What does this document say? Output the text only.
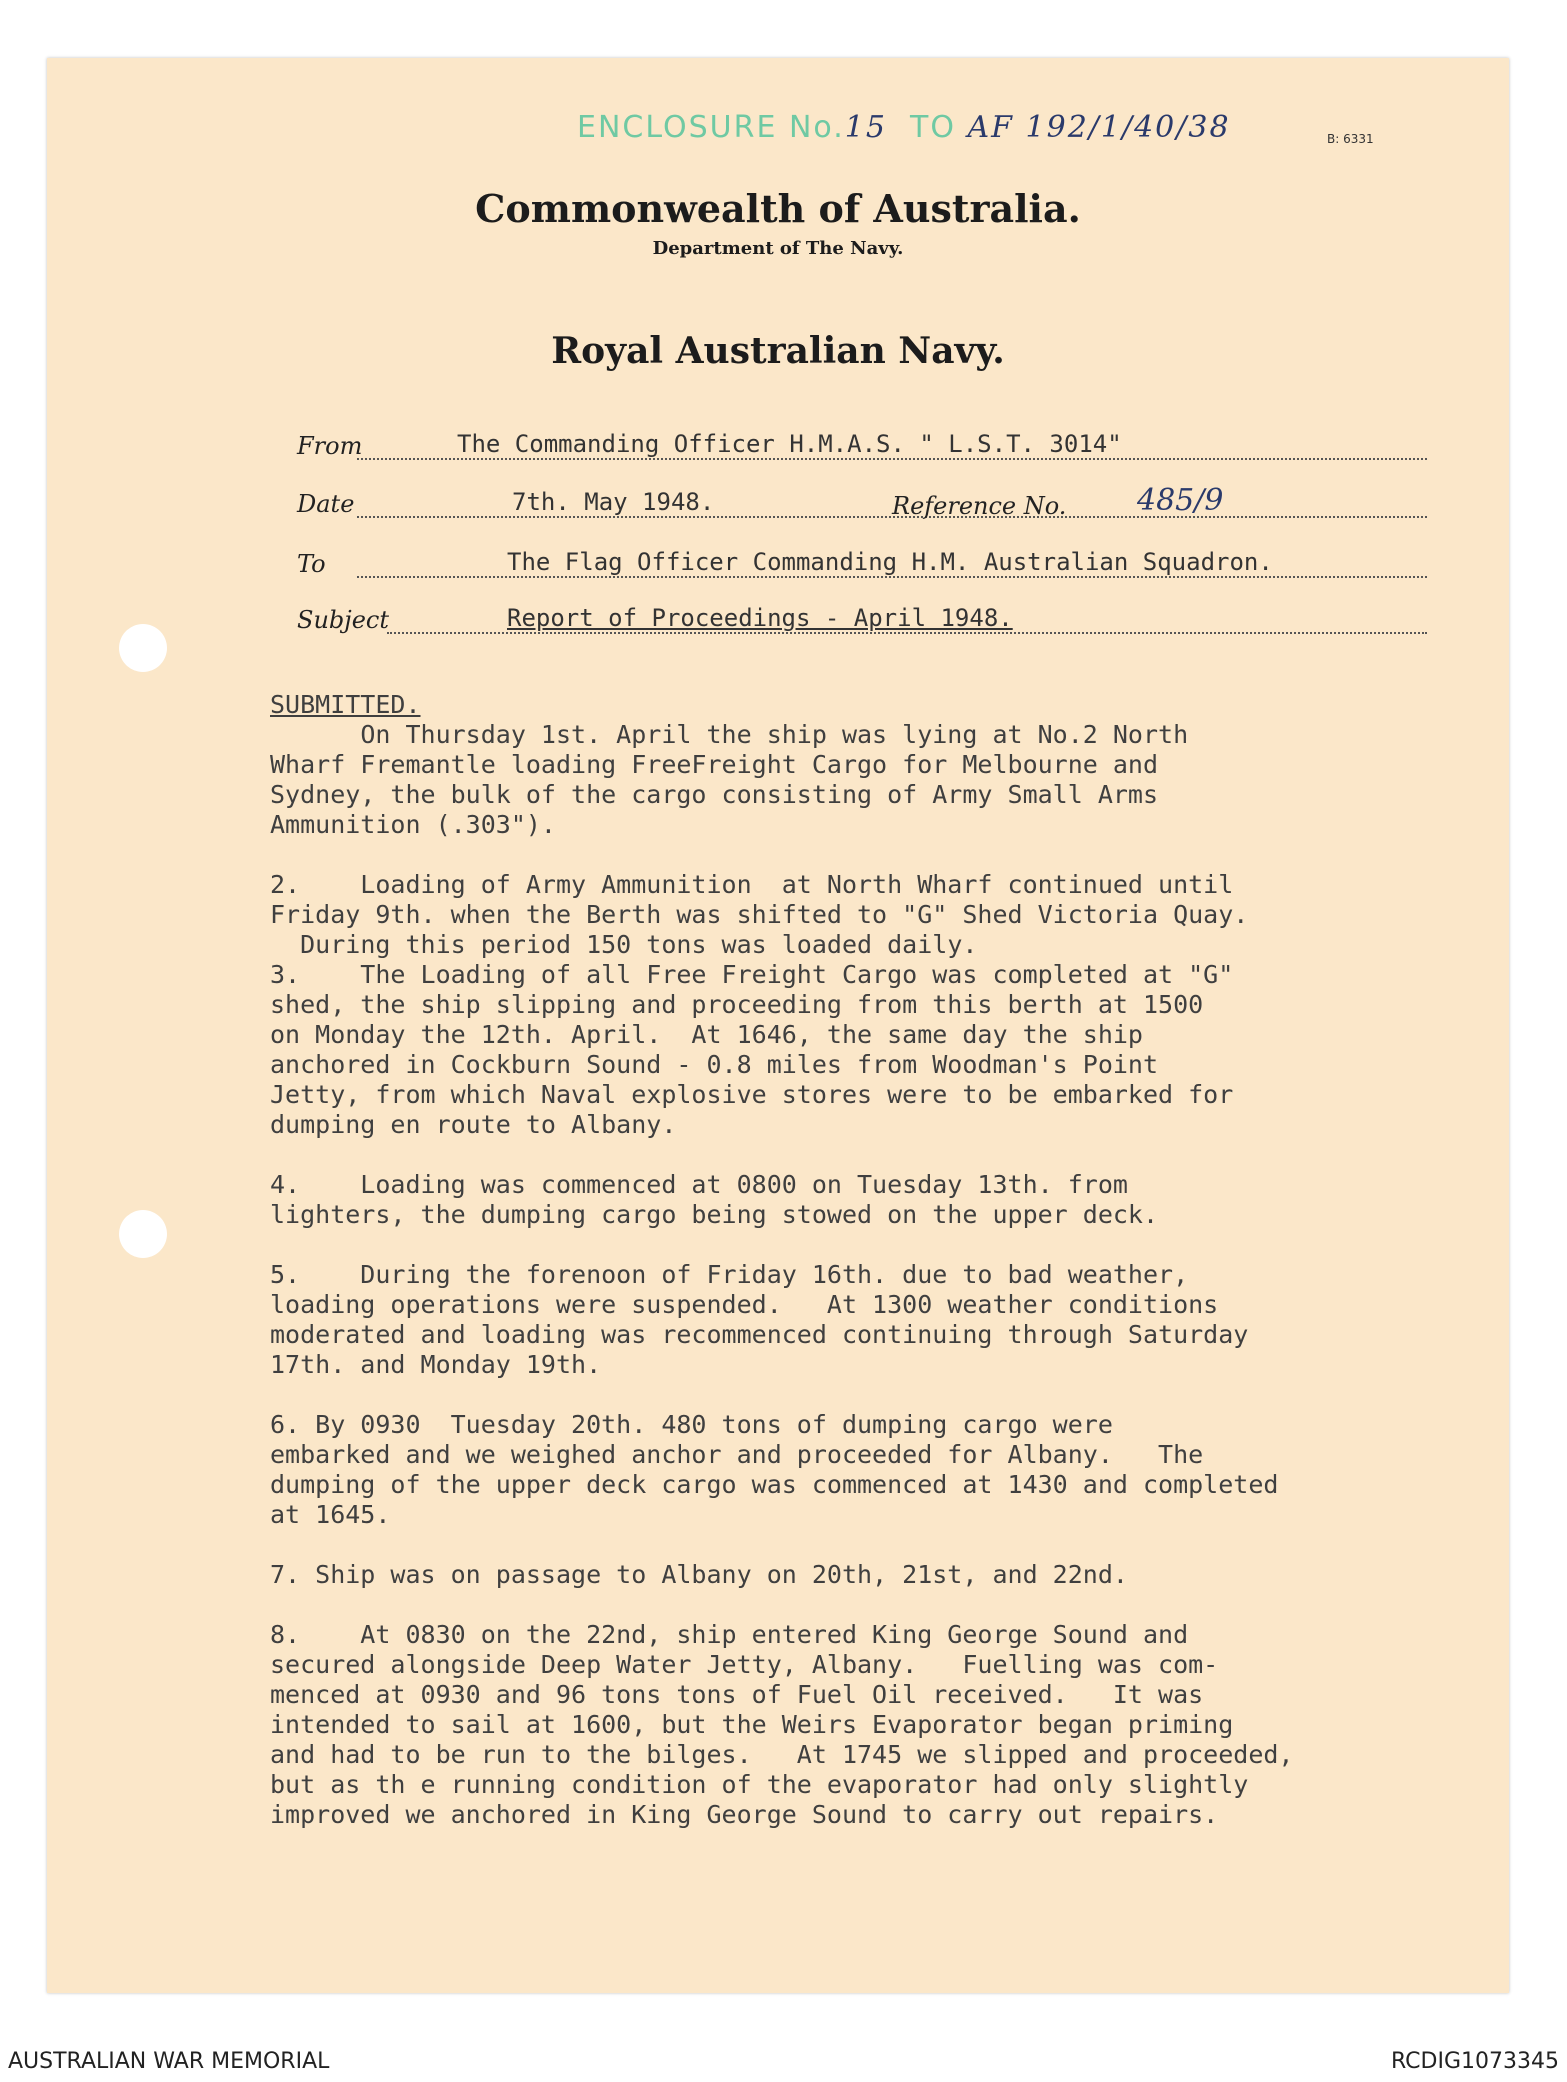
ENCLOSURE No.15 TO AF 192/1/40/38	B: 6331
Commonwealth of Australia.
Department of The Navy.
Royal Australian Navy.
From	The Commanding Officer H.M.A.S. " L.S.T. 3014"
Date	7th. May 1948.	Reference No. 485/9
To	The Flag Officer Commanding H.M. Australian Squadron.
Subject	Report of Proceedings - April 1948.
SUBMITTED.
On Thursday 1st. April the ship was lying at No.2 North
Wharf Fremantle loading FreeFreight Cargo for Melbourne and
Sydney, the bulk of the cargo consisting of Army Small Arms
Ammunition (.303").
2.    Loading of Army Ammunition  at North Wharf continued until
Friday 9th. when the Berth was shifted to "G" Shed Victoria Quay.
During this period 150 tons was loaded daily.
3.    The Loading of all Free Freight Cargo was completed at "G"
shed, the ship slipping and proceeding from this berth at 1500
on Monday the 12th. April.  At 1646, the same day the ship
anchored in Cockburn Sound - 0.8 miles from Woodman's Point
Jetty, from which Naval explosive stores were to be embarked for
dumping en route to Albany.
4.    Loading was commenced at 0800 on Tuesday 13th. from
lighters, the dumping cargo being stowed on the upper deck.
5.    During the forenoon of Friday 16th. due to bad weather,
loading operations were suspended.   At 1300 weather conditions
moderated and loading was recommenced continuing through Saturday
17th. and Monday 19th.
6. By 0930  Tuesday 20th. 480 tons of dumping cargo were
embarked and we weighed anchor and proceeded for Albany.   The
dumping of the upper deck cargo was commenced at 1430 and completed
at 1645.
7. Ship was on passage to Albany on 20th, 21st, and 22nd.
8.    At 0830 on the 22nd, ship entered King George Sound and
secured alongside Deep Water Jetty, Albany.   Fuelling was com-
menced at 0930 and 96 tons tons of Fuel Oil received.   It was
intended to sail at 1600, but the Weirs Evaporator began priming
and had to be run to the bilges.   At 1745 we slipped and proceeded,
but as th e running condition of the evaporator had only slightly
improved we anchored in King George Sound to carry out repairs.
AUSTRALIAN WAR MEMORIAL	RCDIG1073345
